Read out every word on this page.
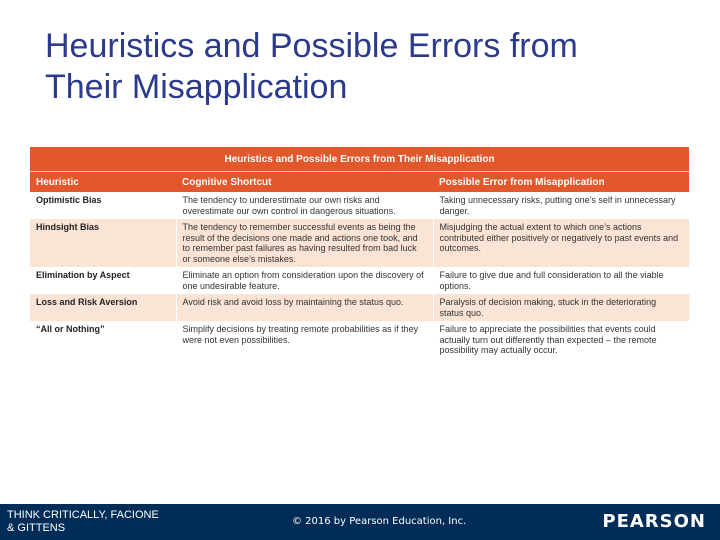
Heuristics and Possible Errors from
Their Misapplication
Heuristics and Possible Errors from Their Misapplication		
Heuristic	Cognitive Shortcut	Possible Error from Misapplication
Optimistic Bias	The tendency to underestimate our own risks and overestimate our own control in dangerous situations.	Taking unnecessary risks, putting one’s self in unnecessary danger.
Hindsight Bias	The tendency to remember successful events as being the result of the decisions one made and actions one took, and to remember past failures as having resulted from bad luck or someone else’s mistakes.	Misjudging the actual extent to which one’s actions contributed either positively or negatively to past events and outcomes.
Elimination by Aspect	Eliminate an option from consideration upon the discovery of one undesirable feature.	Failure to give due and full consideration to all the viable options.
Loss and Risk Aversion	Avoid risk and avoid loss by maintaining the status quo.	Paralysis of decision making, stuck in the deteriorating status quo.
“All or Nothing”	Simplify decisions by treating remote probabilities as if they were not even possibilities.	Failure to appreciate the possibilities that events could actually turn out differently than expected – the remote possibility may actually occur.
THINK CRITICALLY, FACIONE
& GITTENS
© 2016 by Pearson Education, Inc.	PEARSON
